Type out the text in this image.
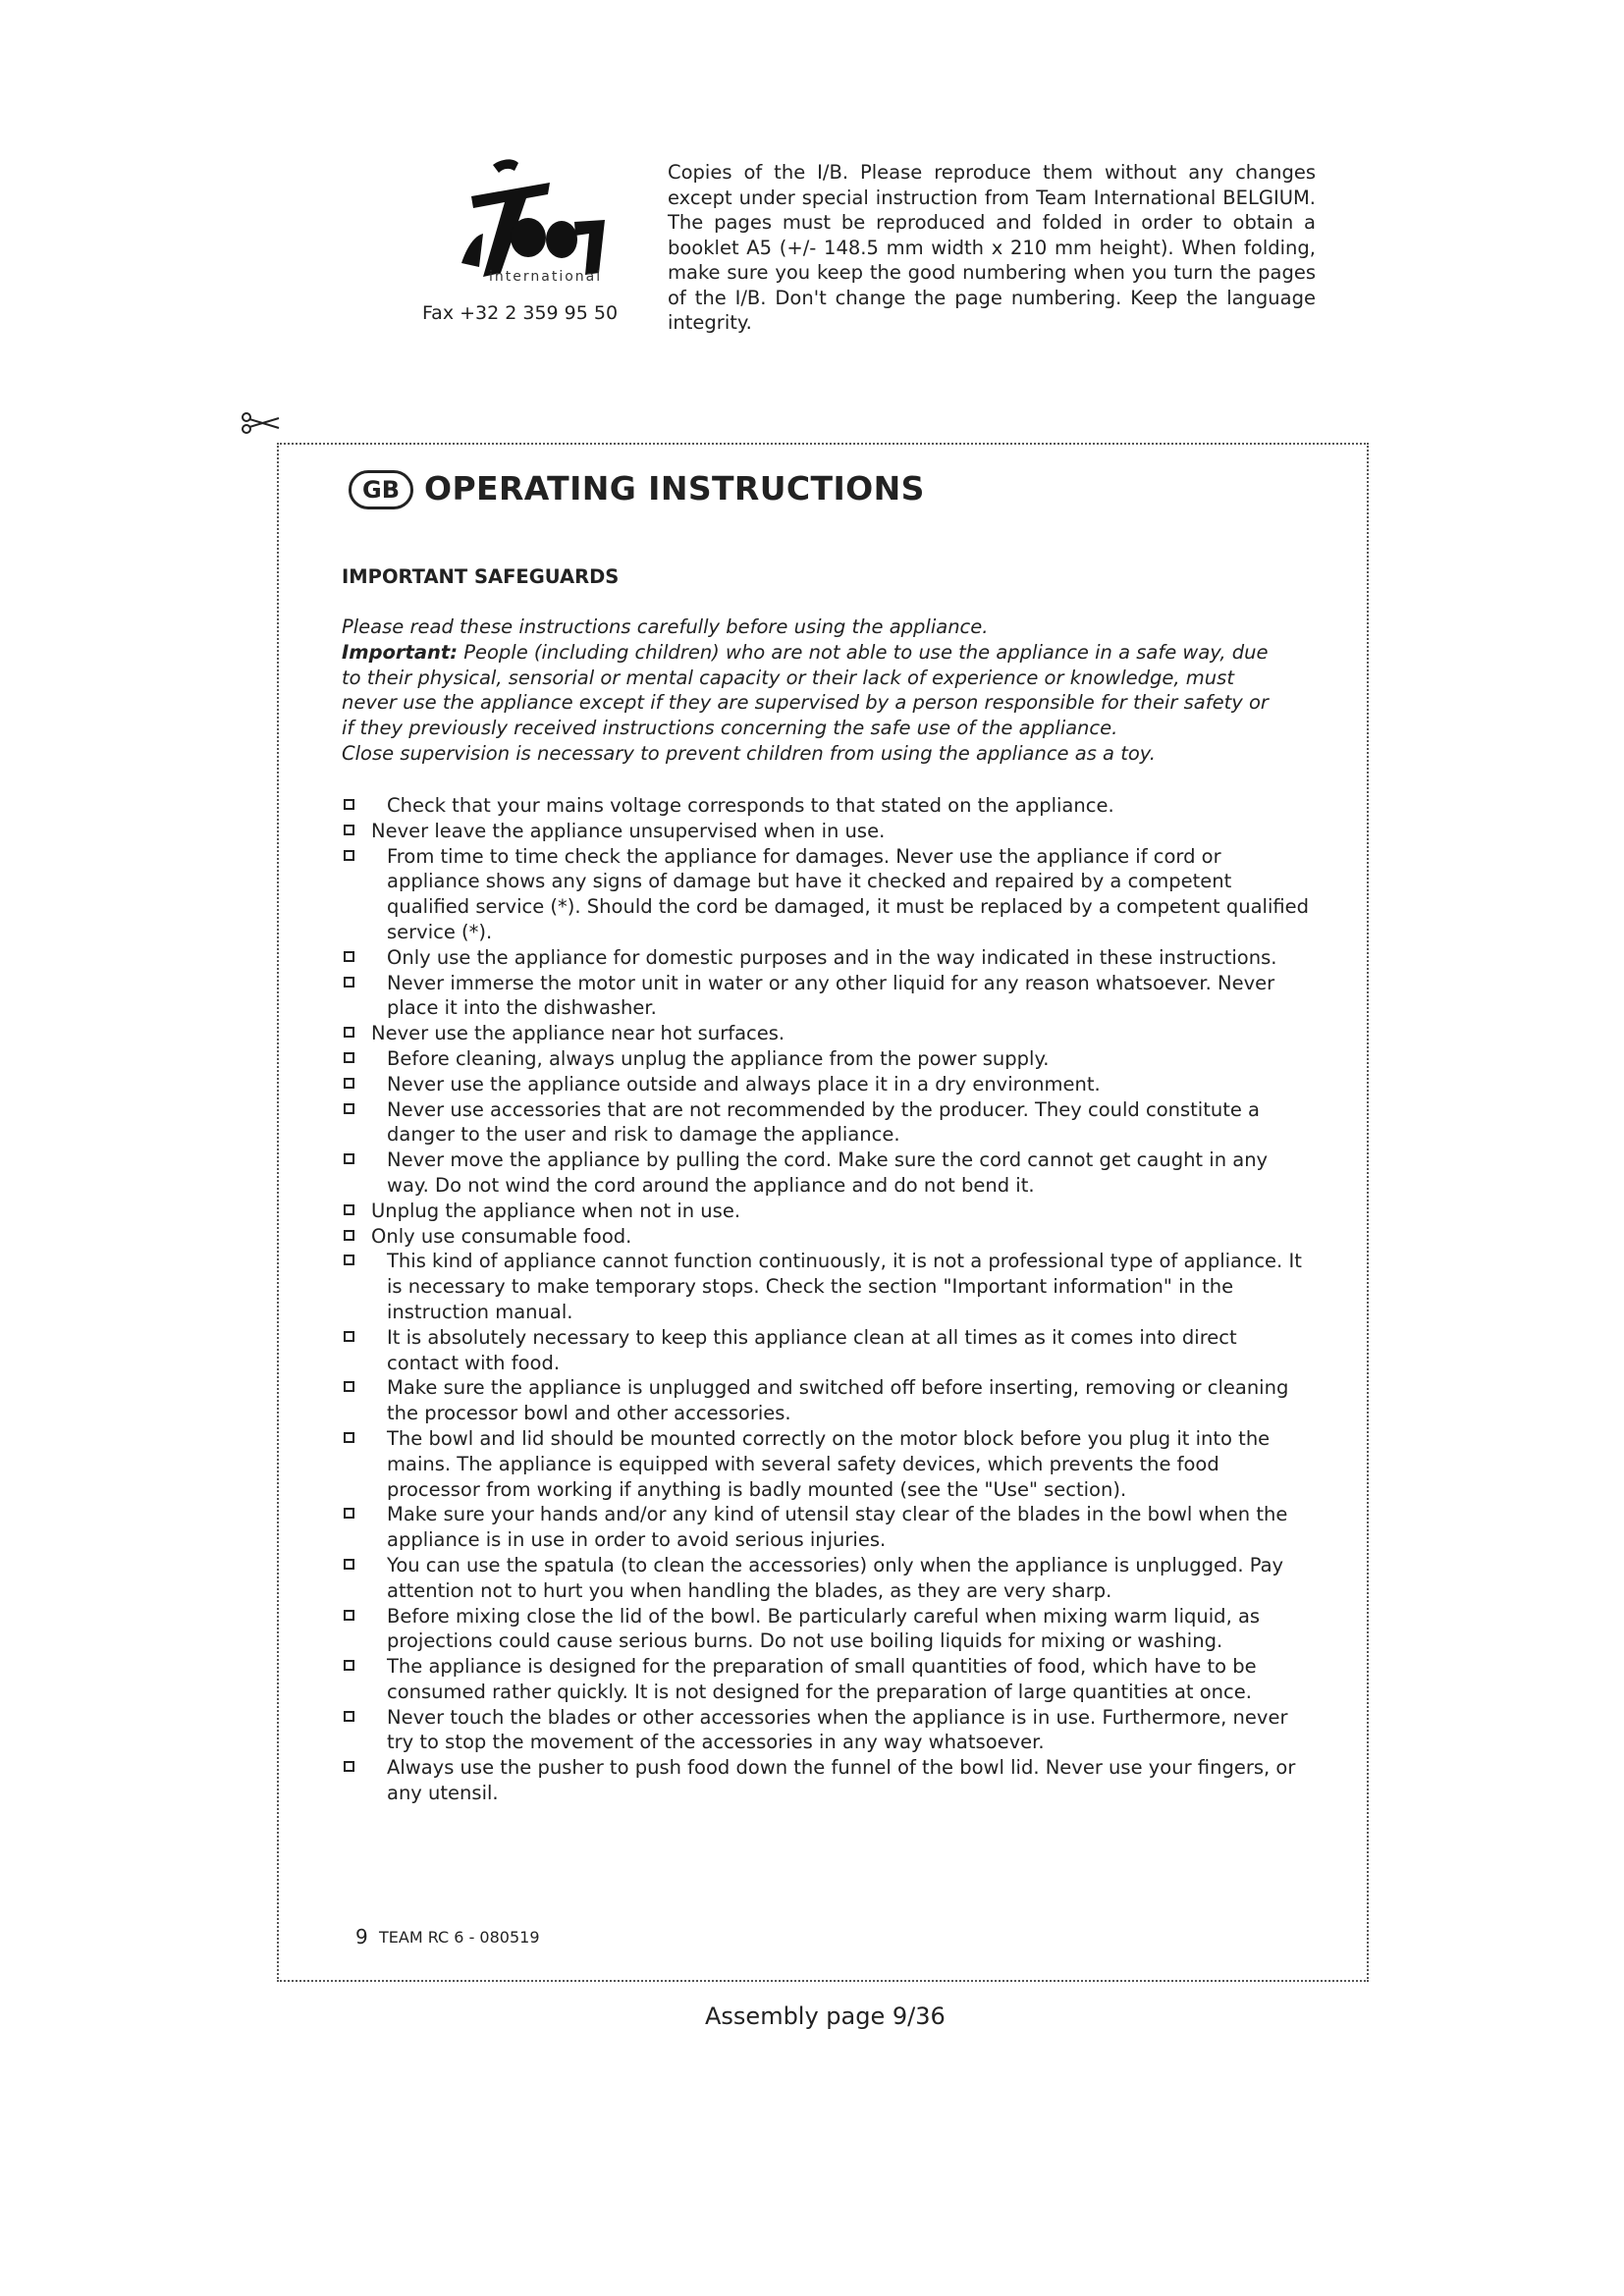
international
Fax +32 2 359 95 50
Copies of the I/B. Please reproduce them without any changes except under special instruction from Team International BELGIUM. The pages must be reproduced and folded in order to obtain a booklet A5 (+/- 148.5 mm width x 210 mm height). When folding, make sure you keep the good numbering when you turn the pages of the I/B. Don't change the page numbering. Keep the language integrity.
GB OPERATING INSTRUCTIONS
IMPORTANT SAFEGUARDS
Please read these instructions carefully before using the appliance.
Important: People (including children) who are not able to use the appliance in a safe way, due to their physical, sensorial or mental capacity or their lack of experience or knowledge, must never use the appliance except if they are supervised by a person responsible for their safety or if they previously received instructions concerning the safe use of the appliance.
Close supervision is necessary to prevent children from using the appliance as a toy.
Check that your mains voltage corresponds to that stated on the appliance.
Never leave the appliance unsupervised when in use.
From time to time check the appliance for damages. Never use the appliance if cord or appliance shows any signs of damage but have it checked and repaired by a competent qualified service (*). Should the cord be damaged, it must be replaced by a competent qualified service (*).
Only use the appliance for domestic purposes and in the way indicated in these instructions.
Never immerse the motor unit in water or any other liquid for any reason whatsoever. Never place it into the dishwasher.
Never use the appliance near hot surfaces.
Before cleaning, always unplug the appliance from the power supply.
Never use the appliance outside and always place it in a dry environment.
Never use accessories that are not recommended by the producer. They could constitute a danger to the user and risk to damage the appliance.
Never move the appliance by pulling the cord. Make sure the cord cannot get caught in any way. Do not wind the cord around the appliance and do not bend it.
Unplug the appliance when not in use.
Only use consumable food.
This kind of appliance cannot function continuously, it is not a professional type of appliance. It is necessary to make temporary stops. Check the section "Important information" in the instruction manual.
It is absolutely necessary to keep this appliance clean at all times as it comes into direct contact with food.
Make sure the appliance is unplugged and switched off before inserting, removing or cleaning the processor bowl and other accessories.
The bowl and lid should be mounted correctly on the motor block before you plug it into the mains. The appliance is equipped with several safety devices, which prevents the food processor from working if anything is badly mounted (see the "Use" section).
Make sure your hands and/or any kind of utensil stay clear of the blades in the bowl when the appliance is in use in order to avoid serious injuries.
You can use the spatula (to clean the accessories) only when the appliance is unplugged. Pay attention not to hurt you when handling the blades, as they are very sharp.
Before mixing close the lid of the bowl. Be particularly careful when mixing warm liquid, as projections could cause serious burns. Do not use boiling liquids for mixing or washing.
The appliance is designed for the preparation of small quantities of food, which have to be consumed rather quickly. It is not designed for the preparation of large quantities at once.
Never touch the blades or other accessories when the appliance is in use. Furthermore, never try to stop the movement of the accessories in any way whatsoever.
Always use the pusher to push food down the funnel of the bowl lid. Never use your fingers, or any utensil.
9 TEAM RC 6 - 080519
Assembly page 9/36
